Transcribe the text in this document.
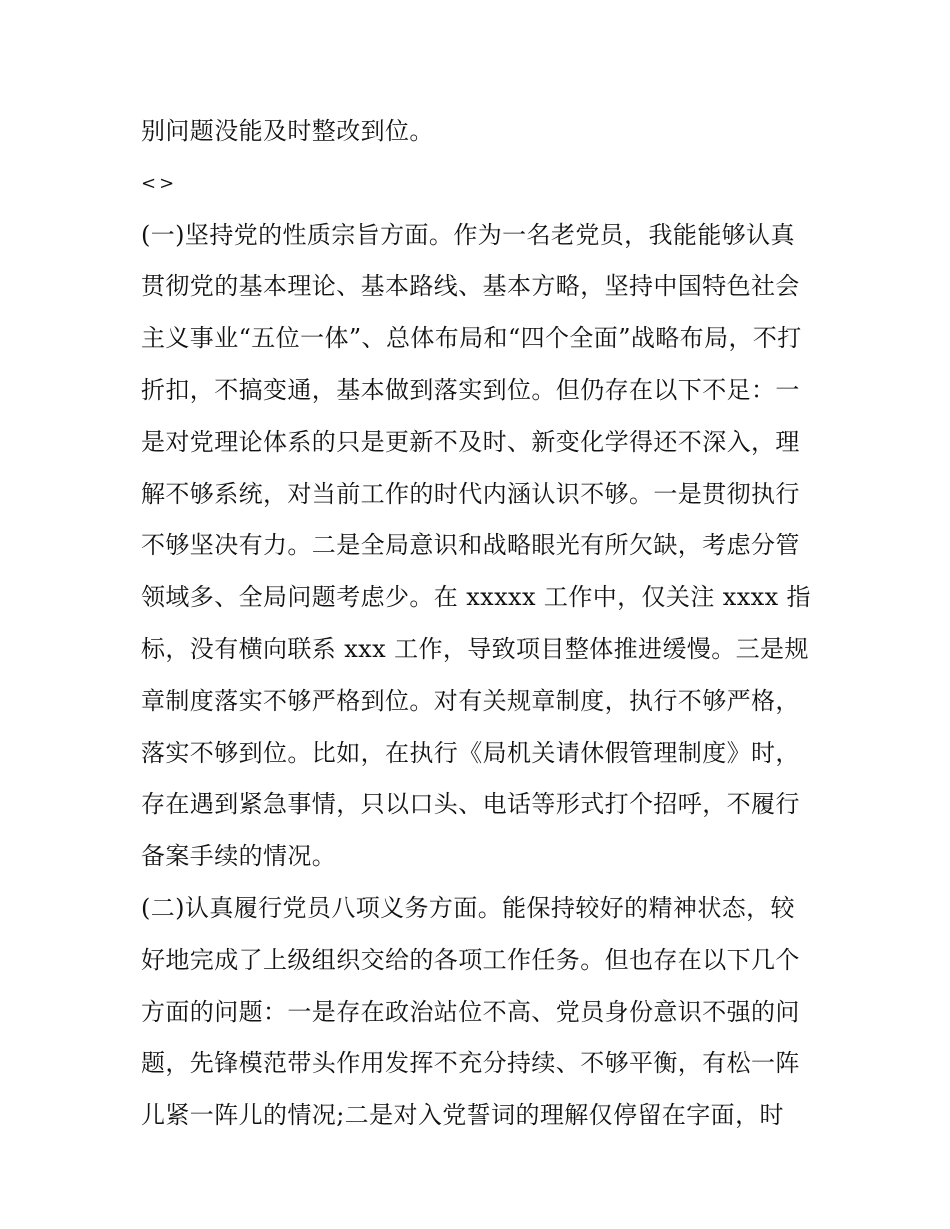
别问题没能及时整改到位。
<>
(一)坚持党的性质宗旨方面。作为一名老党员，我能能够认真
贯彻党的基本理论、基本路线、基本方略，坚持中国特色社会
主义事业“五位一体”、总体布局和“四个全面”战略布局，不打
折扣，不搞变通，基本做到落实到位。但仍存在以下不足：一
是对党理论体系的只是更新不及时、新变化学得还不深入，理
解不够系统，对当前工作的时代内涵认识不够。一是贯彻执行
不够坚决有力。二是全局意识和战略眼光有所欠缺，考虑分管
领域多、全局问题考虑少。在 xxxxx 工作中，仅关注 xxxx 指
标，没有横向联系 xxx 工作，导致项目整体推进缓慢。三是规
章制度落实不够严格到位。对有关规章制度，执行不够严格，
落实不够到位。比如，在执行《局机关请休假管理制度》时，
存在遇到紧急事情，只以口头、电话等形式打个招呼，不履行
备案手续的情况。
(二)认真履行党员八项义务方面。能保持较好的精神状态，较
好地完成了上级组织交给的各项工作任务。但也存在以下几个
方面的问题：一是存在政治站位不高、党员身份意识不强的问
题，先锋模范带头作用发挥不充分持续、不够平衡，有松一阵
儿紧一阵儿的情况;二是对入党誓词的理解仅停留在字面，时
